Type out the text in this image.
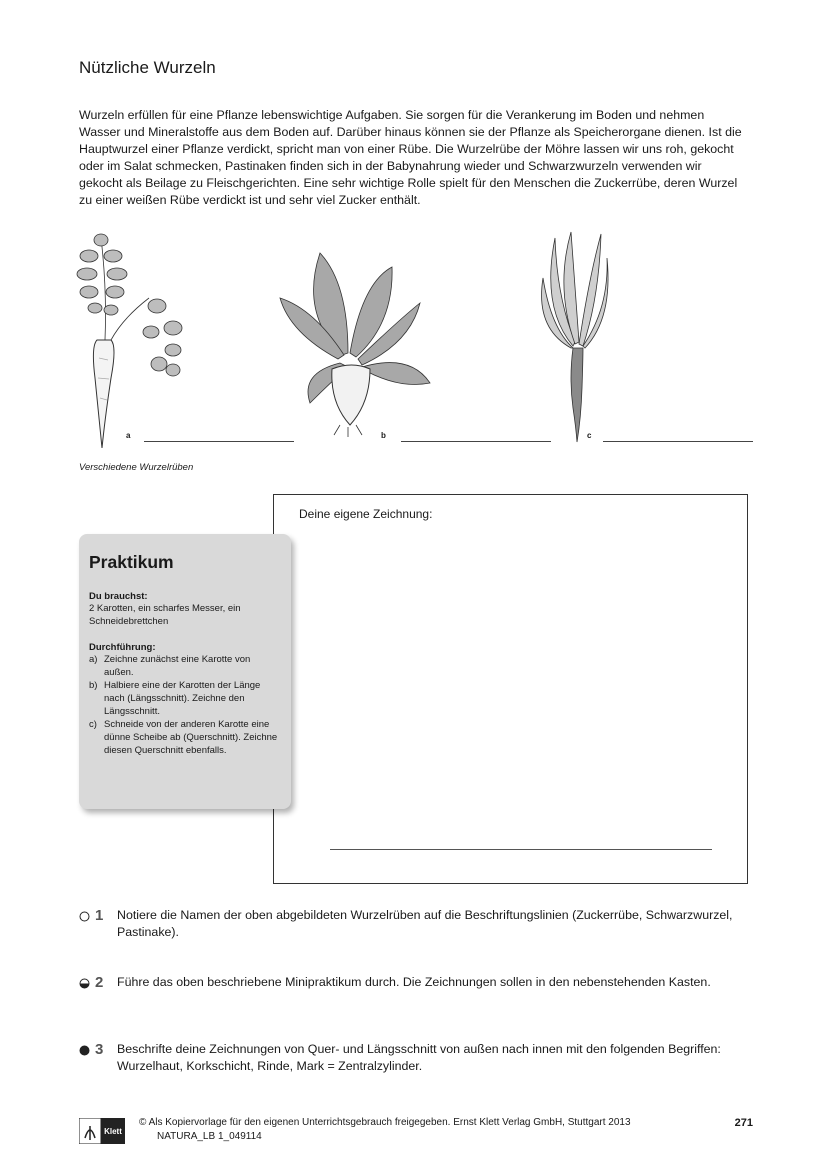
Nützliche Wurzeln
Wurzeln erfüllen für eine Pflanze lebenswichtige Aufgaben. Sie sorgen für die Verankerung im Boden und nehmen Wasser und Mineralstoffe aus dem Boden auf. Darüber hinaus können sie der Pflanze als Speicherorgane dienen. Ist die Hauptwurzel einer Pflanze verdickt, spricht man von einer Rübe. Die Wurzelrübe der Möhre lassen wir uns roh, gekocht oder im Salat schmecken, Pastinaken finden sich in der Babynahrung wieder und Schwarzwurzeln verwenden wir gekocht als Beilage zu Fleischgerichten. Eine sehr wichtige Rolle spielt für den Menschen die Zuckerrübe, deren Wurzel zu einer weißen Rübe verdickt ist und sehr viel Zucker enthält.
a	b	c
Verschiedene Wurzelrüben
Deine eigene Zeichnung:
Praktikum
Du brauchst:
2 Karotten, ein scharfes Messer, ein Schneidebrettchen
Durchführung:
a) Zeichne zunächst eine Karotte von außen.
b) Halbiere eine der Karotten der Länge nach (Längsschnitt). Zeichne den Längsschnitt.
c) Schneide von der anderen Karotte eine dünne Scheibe ab (Querschnitt). Zeichne diesen Querschnitt ebenfalls.
1	Notiere die Namen der oben abgebildeten Wurzelrüben auf die Beschriftungslinien (Zuckerrübe, Schwarzwurzel, Pastinake).
2	Führe das oben beschriebene Minipraktikum durch. Die Zeichnungen sollen in den nebenstehenden Kasten.
3	Beschrifte deine Zeichnungen von Quer- und Längsschnitt von außen nach innen mit den folgenden Begriffen: Wurzelhaut, Korkschicht, Rinde, Mark = Zentralzylinder.
Klett
© Als Kopiervorlage für den eigenen Unterrichtsgebrauch freigegeben. Ernst Klett Verlag GmbH, Stuttgart 2013
NATURA_LB 1_049114
271
